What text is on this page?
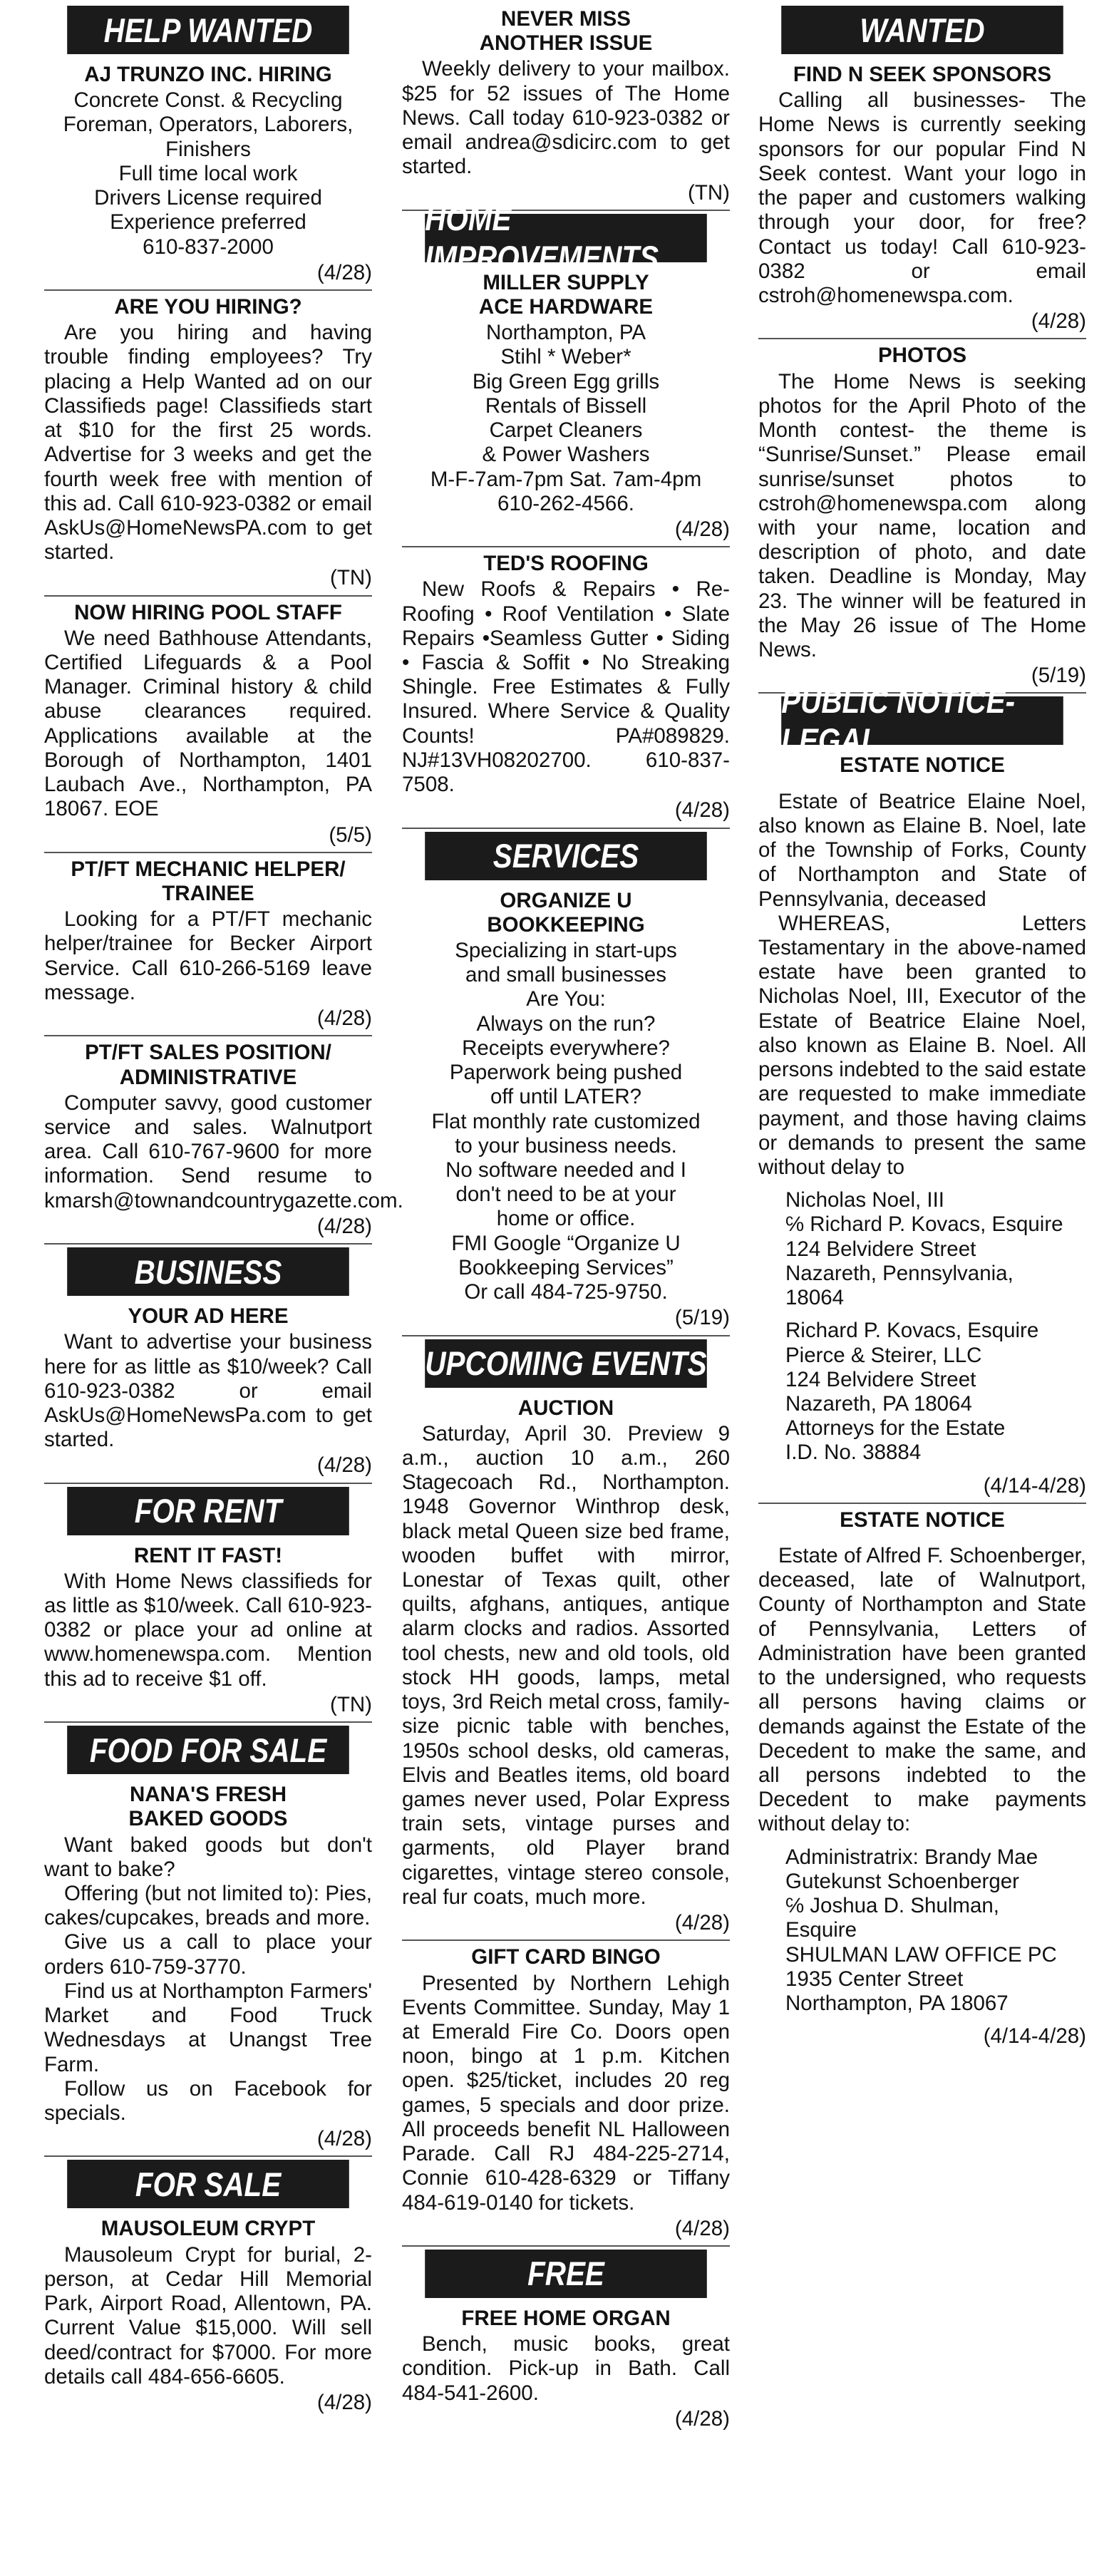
HELP WANTED
AJ TRUNZO INC. HIRING
Concrete Const. & Recycling
Foreman, Operators, Laborers,
Finishers
Full time local work
Drivers License required
Experience preferred
610-837-2000
(4/28)
ARE YOU HIRING?

Are you hiring and having trouble finding employees? Try placing a Help Wanted ad on our Classifieds page! Classifieds start at $10 for the first 25 words. Advertise for 3 weeks and get the fourth week free with mention of this ad. Call 610-923-0382 or email AskUs@HomeNewsPA.com to get started.

(TN)
NOW HIRING POOL STAFF

We need Bathhouse Attendants, Certified Lifeguards & a Pool Manager. Criminal history & child abuse clearances required. Applications available at the Borough of Northampton, 1401 Laubach Ave., Northampton, PA 18067. EOE

(5/5)
PT/FT MECHANIC HELPER/
TRAINEE

Looking for a PT/FT mechanic helper/trainee for Becker Airport Service. Call 610-266-5169 leave message.

(4/28)
PT/FT SALES POSITION/
ADMINISTRATIVE

Computer savvy, good customer service and sales. Walnutport area. Call 610-767-9600 for more information. Send resume to kmarsh@townandcountrygazette.com.

(4/28)
BUSINESS
YOUR AD HERE

Want to advertise your business here for as little as $10/week? Call 610-923-0382 or email AskUs@HomeNewsPa.com to get started.

(4/28)
FOR RENT
RENT IT FAST!

With Home News classifieds for as little as $10/week. Call 610-923-0382 or place your ad online at www.homenewspa.com. Mention this ad to receive $1 off.

(TN)
FOOD FOR SALE
NANA'S FRESH
BAKED GOODS

Want baked goods but don't want to bake?

Offering (but not limited to): Pies, cakes/cupcakes, breads and more.

Give us a call to place your orders 610-759-3770.

Find us at Northampton Farmers' Market and Food Truck Wednesdays at Unangst Tree Farm.

Follow us on Facebook for specials.

(4/28)
FOR SALE
MAUSOLEUM CRYPT

Mausoleum Crypt for burial, 2-person, at Cedar Hill Memorial Park, Airport Road, Allentown, PA. Current Value $15,000. Will sell deed/contract for $7000. For more details call 484-656-6605.

(4/28)
NEVER MISS
ANOTHER ISSUE

Weekly delivery to your mailbox. $25 for 52 issues of The Home News. Call today 610-923-0382 or email andrea@sdicirc.com to get started.

(TN)
HOME IMPROVEMENTS
MILLER SUPPLY
ACE HARDWARE
Northampton, PA
Stihl * Weber*
Big Green Egg grills
Rentals of Bissell
Carpet Cleaners
& Power Washers
M-F-7am-7pm Sat. 7am-4pm
610-262-4566.
(4/28)
TED'S ROOFING

New Roofs & Repairs • Re-Roofing • Roof Ventilation • Slate Repairs •Seamless Gutter • Siding • Fascia & Soffit • No Streaking Shingle. Free Estimates & Fully Insured. Where Service & Quality Counts! PA#089829. NJ#13VH08202700. 610-837-7508.

(4/28)
SERVICES
ORGANIZE U
BOOKKEEPING
Specializing in start-ups
and small businesses
Are You:
Always on the run?
Receipts everywhere?
Paperwork being pushed
off until LATER?
Flat monthly rate customized
to your business needs.
No software needed and I
don't need to be at your
home or office.
FMI Google “Organize U
Bookkeeping Services”
Or call 484-725-9750.
(5/19)
UPCOMING EVENTS
AUCTION

Saturday, April 30. Preview 9 a.m., auction 10 a.m., 260 Stagecoach Rd., Northampton. 1948 Governor Winthrop desk, black metal Queen size bed frame, wooden buffet with mirror, Lonestar of Texas quilt, other quilts, afghans, antiques, antique alarm clocks and radios. Assorted tool chests, new and old tools, old stock HH goods, lamps, metal toys, 3rd Reich metal cross, family-size picnic table with benches, 1950s school desks, old cameras, Elvis and Beatles items, old board games never used, Polar Express train sets, vintage purses and garments, old Player brand cigarettes, vintage stereo console, real fur coats, much more.

(4/28)
GIFT CARD BINGO

Presented by Northern Lehigh Events Committee. Sunday, May 1 at Emerald Fire Co. Doors open noon, bingo at 1 p.m. Kitchen open. $25/ticket, includes 20 reg games, 5 specials and door prize. All proceeds benefit NL Halloween Parade. Call RJ 484-225-2714, Connie 610-428-6329 or Tiffany 484-619-0140 for tickets.

(4/28)
FREE
FREE HOME ORGAN

Bench, music books, great condition. Pick-up in Bath. Call 484-541-2600.

(4/28)
WANTED
FIND N SEEK SPONSORS

Calling all businesses- The Home News is currently seeking sponsors for our popular Find N Seek contest. Want your logo in the paper and customers walking through your door, for free? Contact us today! Call 610-923-0382 or email cstroh@homenewspa.com.

(4/28)
PHOTOS

The Home News is seeking photos for the April Photo of the Month contest- the theme is “Sunrise/Sunset.” Please email sunrise/sunset photos to cstroh@homenewspa.com along with your name, location and description of photo, and date taken. Deadline is Monday, May 23. The winner will be featured in the May 26 issue of The Home News.

(5/19)
PUBLIC NOTICE-LEGAL
ESTATE NOTICE

Estate of Beatrice Elaine Noel, also known as Elaine B. Noel, late of the Township of Forks, County of Northampton and State of Pennsylvania, deceased

WHEREAS, Letters Testamentary in the above-named estate have been granted to Nicholas Noel, III, Executor of the Estate of Beatrice Elaine Noel, also known as Elaine B. Noel. All persons indebted to the said estate are requested to make immediate payment, and those having claims or demands to present the same without delay to

Nicholas Noel, III
℅ Richard P. Kovacs, Esquire
124 Belvidere Street
Nazareth, Pennsylvania,
18064
Richard P. Kovacs, Esquire
Pierce & Steirer, LLC
124 Belvidere Street
Nazareth, PA 18064
Attorneys for the Estate
I.D. No. 38884
(4/14-4/28)
ESTATE NOTICE

Estate of Alfred F. Schoenberger, deceased, late of Walnutport, County of Northampton and State of Pennsylvania, Letters of Administration have been granted to the undersigned, who requests all persons having claims or demands against the Estate of the Decedent to make the same, and all persons indebted to the Decedent to make payments without delay to:

Administratrix: Brandy Mae Gutekunst Schoenberger
℅ Joshua D. Shulman,
Esquire
SHULMAN LAW OFFICE PC
1935 Center Street
Northampton, PA 18067
(4/14-4/28)
